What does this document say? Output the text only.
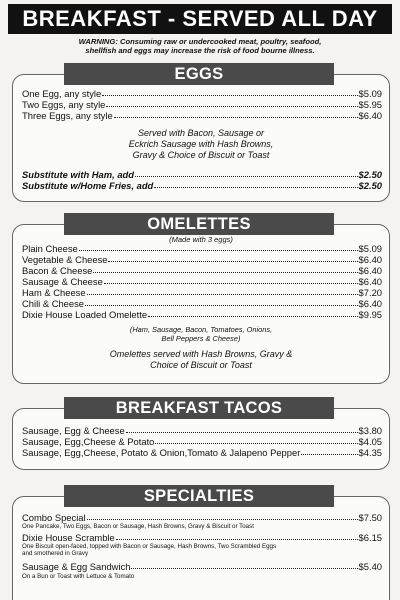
BREAKFAST - SERVED ALL DAY
WARNING: Consuming raw or undercooked meat, poultry, seafood,
shellfish and eggs may increase the risk of food bourne illness.
EGGS
One Egg, any style	$5.09
Two Eggs, any style	$5.95
Three Eggs, any style	$6.40
Served with Bacon, Sausage or
Eckrich Sausage with Hash Browns,
Gravy & Choice of Biscuit or Toast
Substitute with Ham, add	$2.50
Substitute w/Home Fries, add	$2.50
OMELETTES
(Made with 3 eggs)
Plain Cheese	$5.09
Vegetable & Cheese	$6.40
Bacon & Cheese	$6.40
Sausage & Cheese	$6.40
Ham & Cheese	$7.20
Chili & Cheese	$6.40
Dixie House Loaded Omelette	$9.95
(Ham, Sausage, Bacon, Tomatoes, Onions,
Bell Peppers & Cheese)
Omelettes served with Hash Browns, Gravy &
Choice of Biscuit or Toast
BREAKFAST TACOS
Sausage, Egg & Cheese	$3.80
Sausage, Egg,Cheese & Potato	$4.05
Sausage, Egg,Cheese, Potato & Onion,Tomato & Jalapeno Pepper	$4.35
SPECIALTIES
Combo Special	$7.50
One Pancake, Two Eggs, Bacon or Sausage, Hash Browns, Gravy & Biscuit or Toast
Dixie House Scramble	$6.15
One Biscuit open-faced, topped with Bacon or Sausage, Hash Browns, Two Scrambled Eggs
and smothered in Gravy
Sausage & Egg Sandwich	$5.40
On a Bun or Toast with Lettuce & Tomato
